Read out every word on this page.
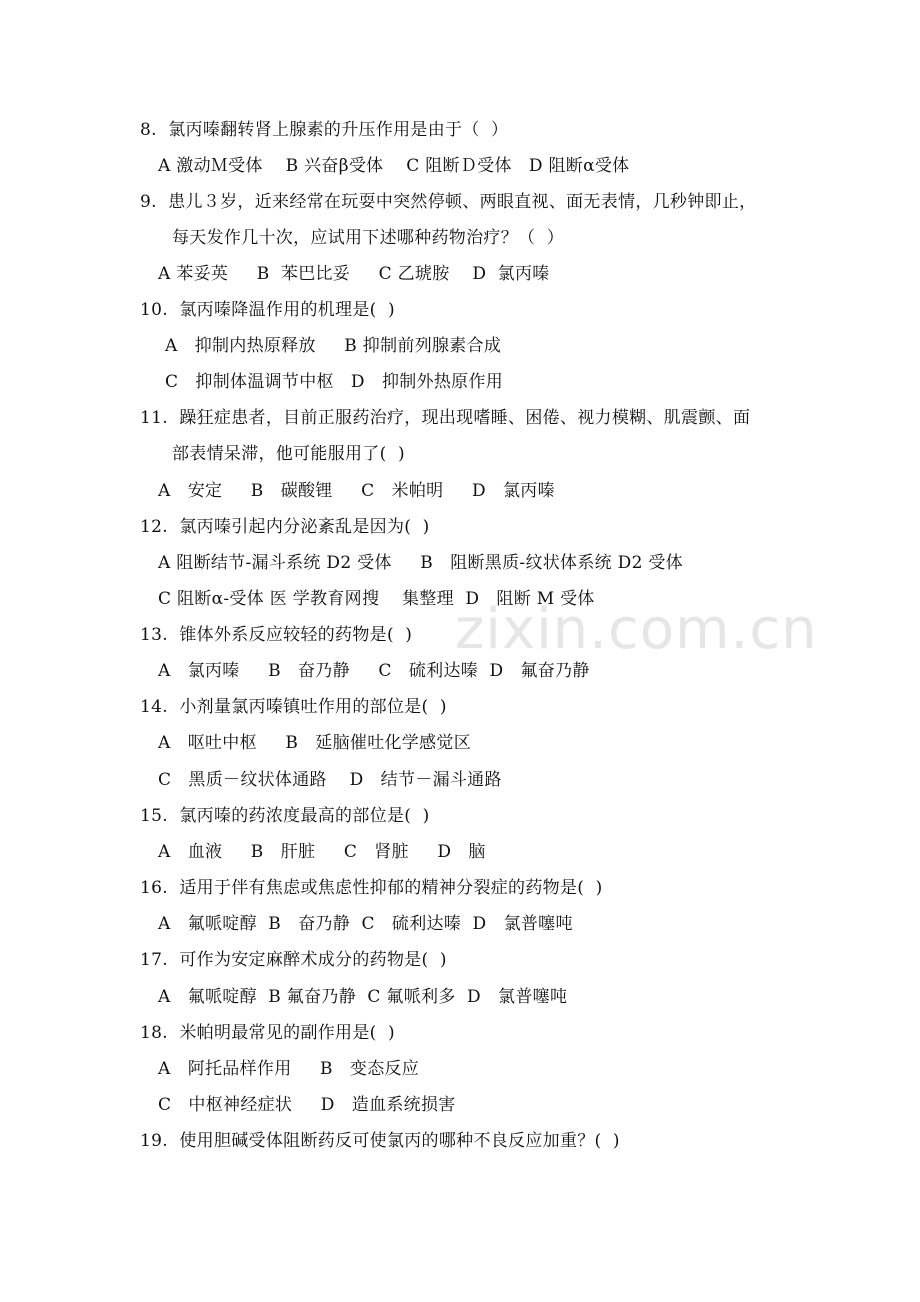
zixin.com.cn
8.  氯丙嗪翻转肾上腺素的升压作用是由于（  ）
A 激动Ｍ受体    B 兴奋β受体    C 阻断Ｄ受体   D 阻断α受体
9.  患儿３岁，近来经常在玩耍中突然停顿、两眼直视、面无表情，几秒钟即止，
每天发作几十次，应试用下述哪种药物治疗？（  ）
A 苯妥英     B  苯巴比妥     C 乙琥胺    D  氯丙嗪
10.  氯丙嗪降温作用的机理是(  )
A   抑制内热原释放     B 抑制前列腺素合成
C   抑制体温调节中枢   D   抑制外热原作用
11.  躁狂症患者，目前正服药治疗，现出现嗜睡、困倦、视力模糊、肌震颤、面
部表情呆滞，他可能服用了(  )
A   安定     B   碳酸锂     C   米帕明     D   氯丙嗪
12.  氯丙嗪引起内分泌紊乱是因为(  )
A 阻断结节-漏斗系统 D2 受体     B   阻断黑质-纹状体系统 D2 受体
C 阻断α-受体 医 学教育网搜    集整理  D   阻断 M 受体
13.  锥体外系反应较轻的药物是(  )
A   氯丙嗪     B   奋乃静     C   硫利达嗪  D   氟奋乃静
14.  小剂量氯丙嗪镇吐作用的部位是(  )
A   呕吐中枢     B   延脑催吐化学感觉区
C   黑质－纹状体通路    D   结节－漏斗通路
15.  氯丙嗪的药浓度最高的部位是(  )
A   血液     B   肝脏     C   肾脏     D   脑
16.  适用于伴有焦虑或焦虑性抑郁的精神分裂症的药物是(  )
A   氟哌啶醇  B   奋乃静  C   硫利达嗪  D   氯普噻吨
17.  可作为安定麻醉术成分的药物是(  )
A   氟哌啶醇  B 氟奋乃静  C 氟哌利多  D   氯普噻吨
18.  米帕明最常见的副作用是(  )
A   阿托品样作用     B   变态反应
C   中枢神经症状     D   造血系统损害
19.  使用胆碱受体阻断药反可使氯丙的哪种不良反应加重？(  )
